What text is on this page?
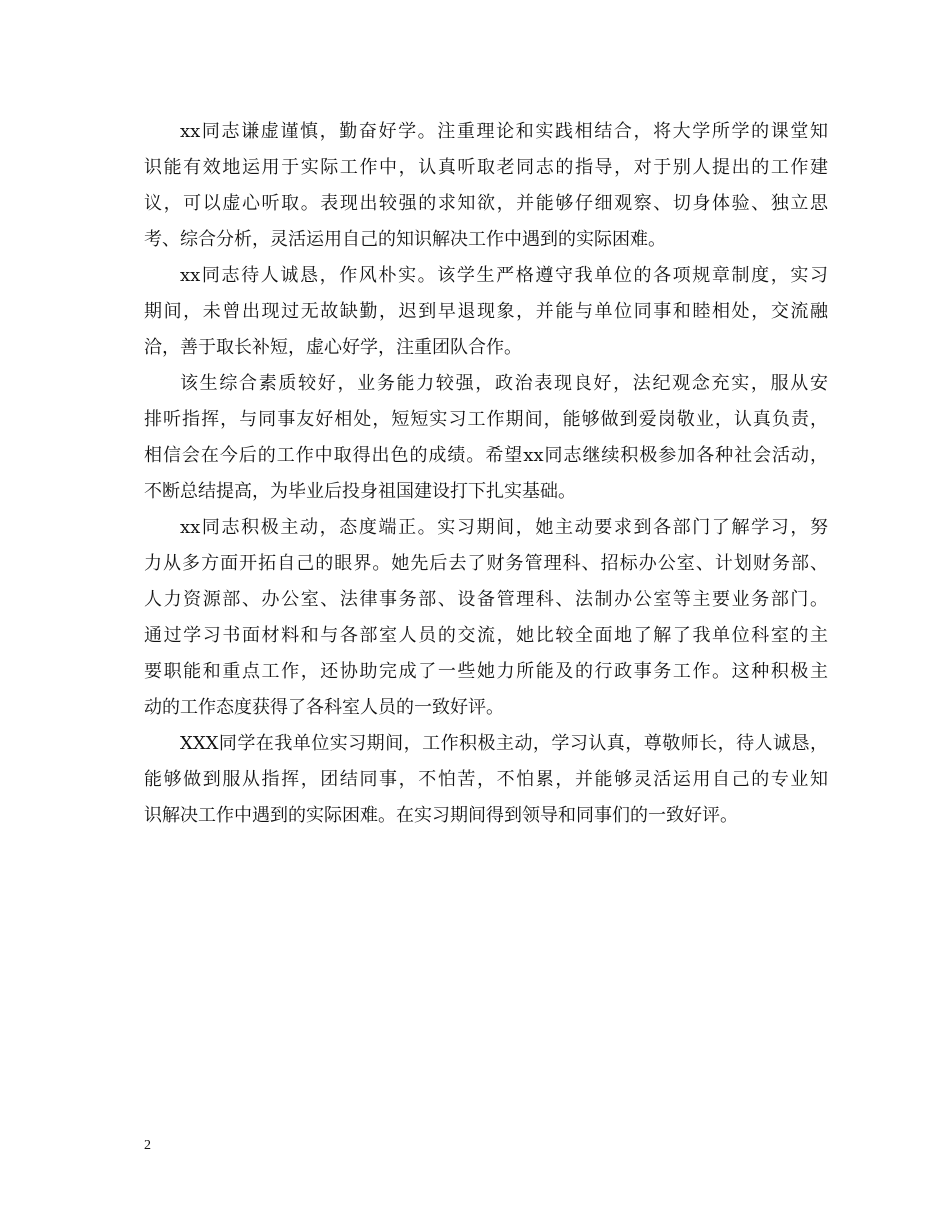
xx同志谦虚谨慎，勤奋好学。注重理论和实践相结合，将大学所学的课堂知
识能有效地运用于实际工作中，认真听取老同志的指导，对于别人提出的工作建
议，可以虚心听取。表现出较强的求知欲，并能够仔细观察、切身体验、独立思
考、综合分析，灵活运用自己的知识解决工作中遇到的实际困难。
xx同志待人诚恳，作风朴实。该学生严格遵守我单位的各项规章制度，实习
期间，未曾出现过无故缺勤，迟到早退现象，并能与单位同事和睦相处，交流融
洽，善于取长补短，虚心好学，注重团队合作。
该生综合素质较好，业务能力较强，政治表现良好，法纪观念充实，服从安
排听指挥，与同事友好相处，短短实习工作期间，能够做到爱岗敬业，认真负责，
相信会在今后的工作中取得出色的成绩。希望xx同志继续积极参加各种社会活动，
不断总结提高，为毕业后投身祖国建设打下扎实基础。
xx同志积极主动，态度端正。实习期间，她主动要求到各部门了解学习，努
力从多方面开拓自己的眼界。她先后去了财务管理科、招标办公室、计划财务部、
人力资源部、办公室、法律事务部、设备管理科、法制办公室等主要业务部门。
通过学习书面材料和与各部室人员的交流，她比较全面地了解了我单位科室的主
要职能和重点工作，还协助完成了一些她力所能及的行政事务工作。这种积极主
动的工作态度获得了各科室人员的一致好评。
XXX同学在我单位实习期间，工作积极主动，学习认真，尊敬师长，待人诚恳，
能够做到服从指挥，团结同事，不怕苦，不怕累，并能够灵活运用自己的专业知
识解决工作中遇到的实际困难。在实习期间得到领导和同事们的一致好评。
2
